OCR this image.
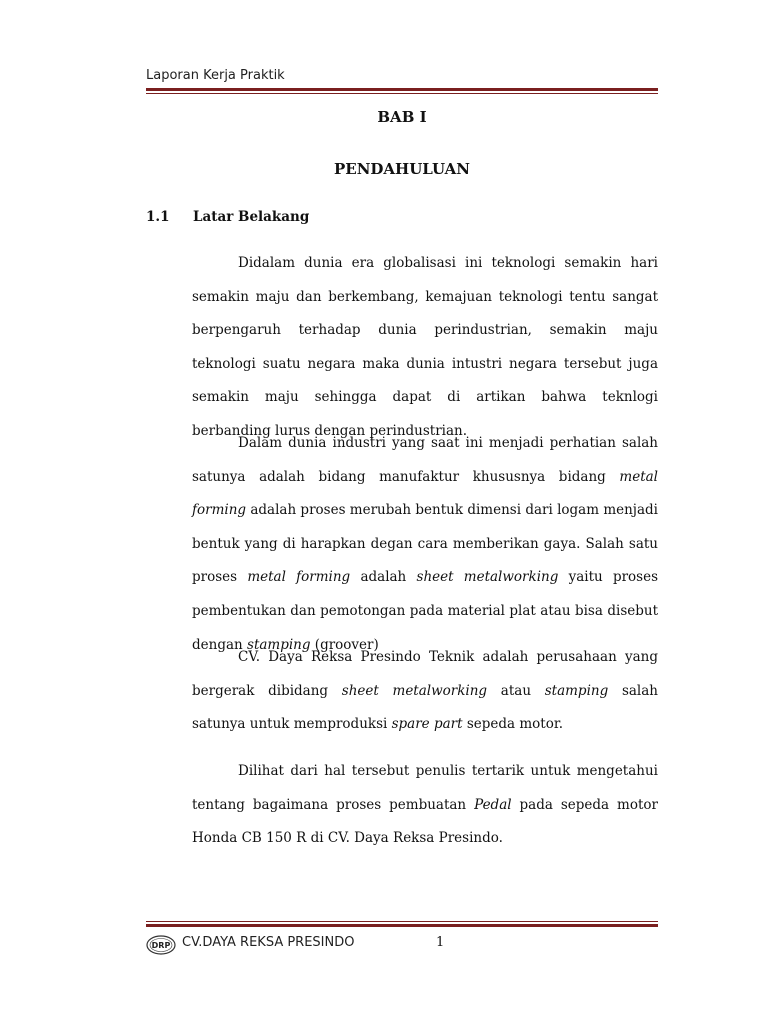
Laporan Kerja Praktik
BAB I
PENDAHULUAN
1.1 Latar Belakang

Didalam dunia era globalisasi ini teknologi semakin hari semakin maju dan berkembang, kemajuan teknologi tentu sangat berpengaruh terhadap dunia perindustrian, semakin maju teknologi suatu negara maka dunia intustri negara tersebut juga semakin maju sehingga dapat di artikan bahwa teknlogi berbanding lurus dengan perindustrian.

Dalam dunia industri yang saat ini menjadi perhatian salah satunya adalah bidang manufaktur khususnya bidang metal forming adalah proses merubah bentuk dimensi dari logam menjadi bentuk yang di harapkan degan cara memberikan gaya. Salah satu proses metal forming adalah sheet metalworking yaitu proses pembentukan dan pemotongan pada material plat atau bisa disebut dengan stamping (groover)

CV. Daya Reksa Presindo Teknik adalah perusahaan yang bergerak dibidang sheet metalworking atau stamping salah satunya untuk memproduksi spare part sepeda motor.

Dilihat dari hal tersebut penulis tertarik untuk mengetahui tentang bagaimana proses pembuatan Pedal pada sepeda motor Honda CB 150 R di CV. Daya Reksa Presindo.

DRP CV.DAYA REKSA PRESINDO	1
